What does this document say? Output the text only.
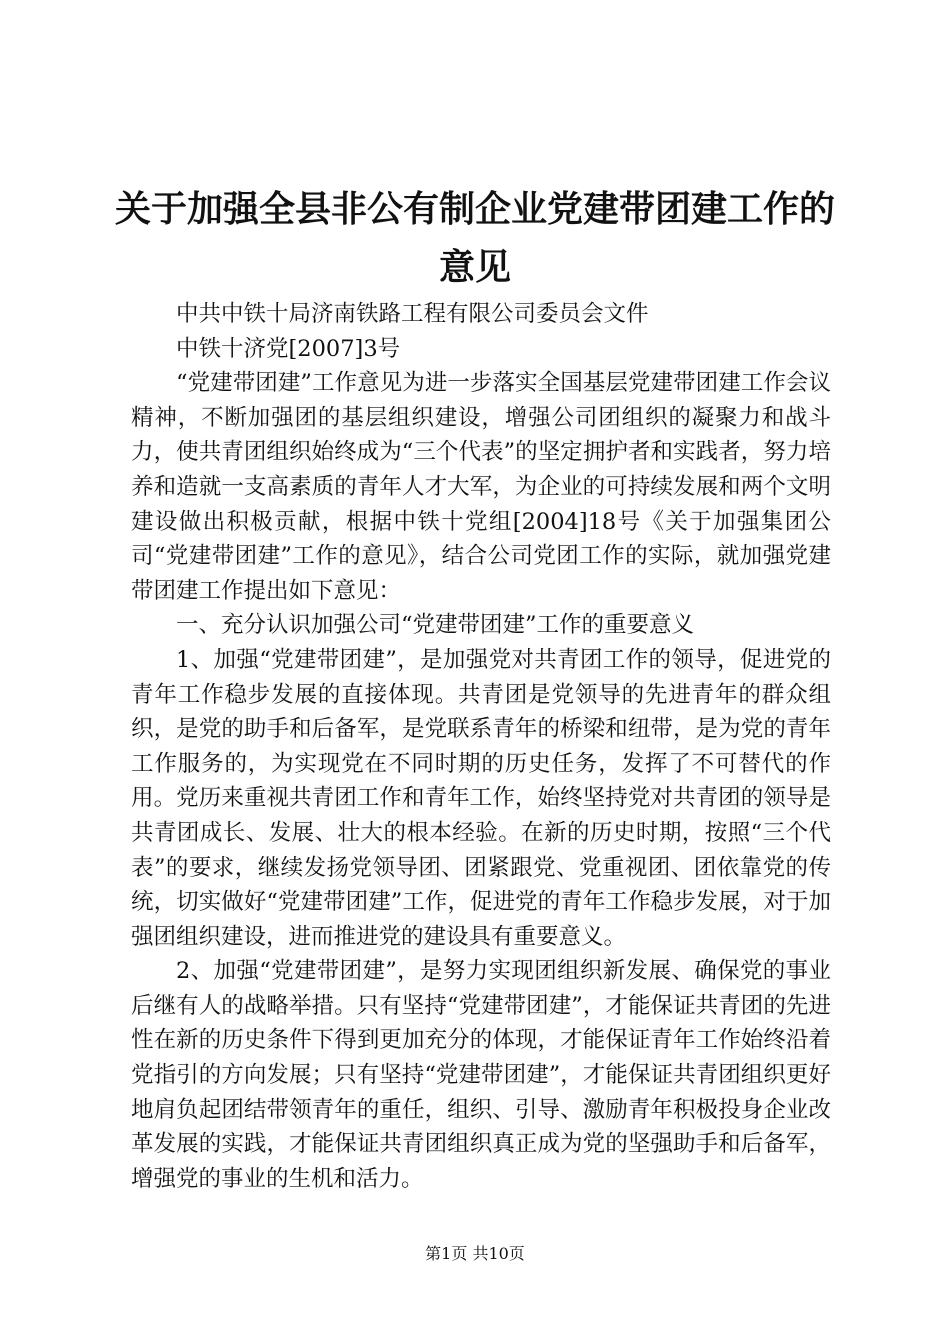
关于加强全县非公有制企业党建带团建工作的
意见

中共中铁十局济南铁路工程有限公司委员会文件

中铁十济党[2007]3号

“党建带团建”工作意见为进一步落实全国基层党建带团建工作会议精神，不断加强团的基层组织建设，增强公司团组织的凝聚力和战斗力，使共青团组织始终成为“三个代表”的坚定拥护者和实践者，努力培养和造就一支高素质的青年人才大军，为企业的可持续发展和两个文明建设做出积极贡献，根据中铁十党组[2004]18号《关于加强集团公司“党建带团建”工作的意见》，结合公司党团工作的实际，就加强党建带团建工作提出如下意见：

一、充分认识加强公司“党建带团建”工作的重要意义

1、加强“党建带团建”，是加强党对共青团工作的领导，促进党的青年工作稳步发展的直接体现。共青团是党领导的先进青年的群众组织，是党的助手和后备军，是党联系青年的桥梁和纽带，是为党的青年工作服务的，为实现党在不同时期的历史任务，发挥了不可替代的作用。党历来重视共青团工作和青年工作，始终坚持党对共青团的领导是共青团成长、发展、壮大的根本经验。在新的历史时期，按照“三个代表”的要求，继续发扬党领导团、团紧跟党、党重视团、团依靠党的传统，切实做好“党建带团建”工作，促进党的青年工作稳步发展，对于加强团组织建设，进而推进党的建设具有重要意义。

2、加强“党建带团建”，是努力实现团组织新发展、确保党的事业后继有人的战略举措。只有坚持“党建带团建”，才能保证共青团的先进性在新的历史条件下得到更加充分的体现，才能保证青年工作始终沿着党指引的方向发展；只有坚持“党建带团建”，才能保证共青团组织更好地肩负起团结带领青年的重任，组织、引导、激励青年积极投身企业改革发展的实践，才能保证共青团组织真正成为党的坚强助手和后备军，增强党的事业的生机和活力。

第1页 共10页
